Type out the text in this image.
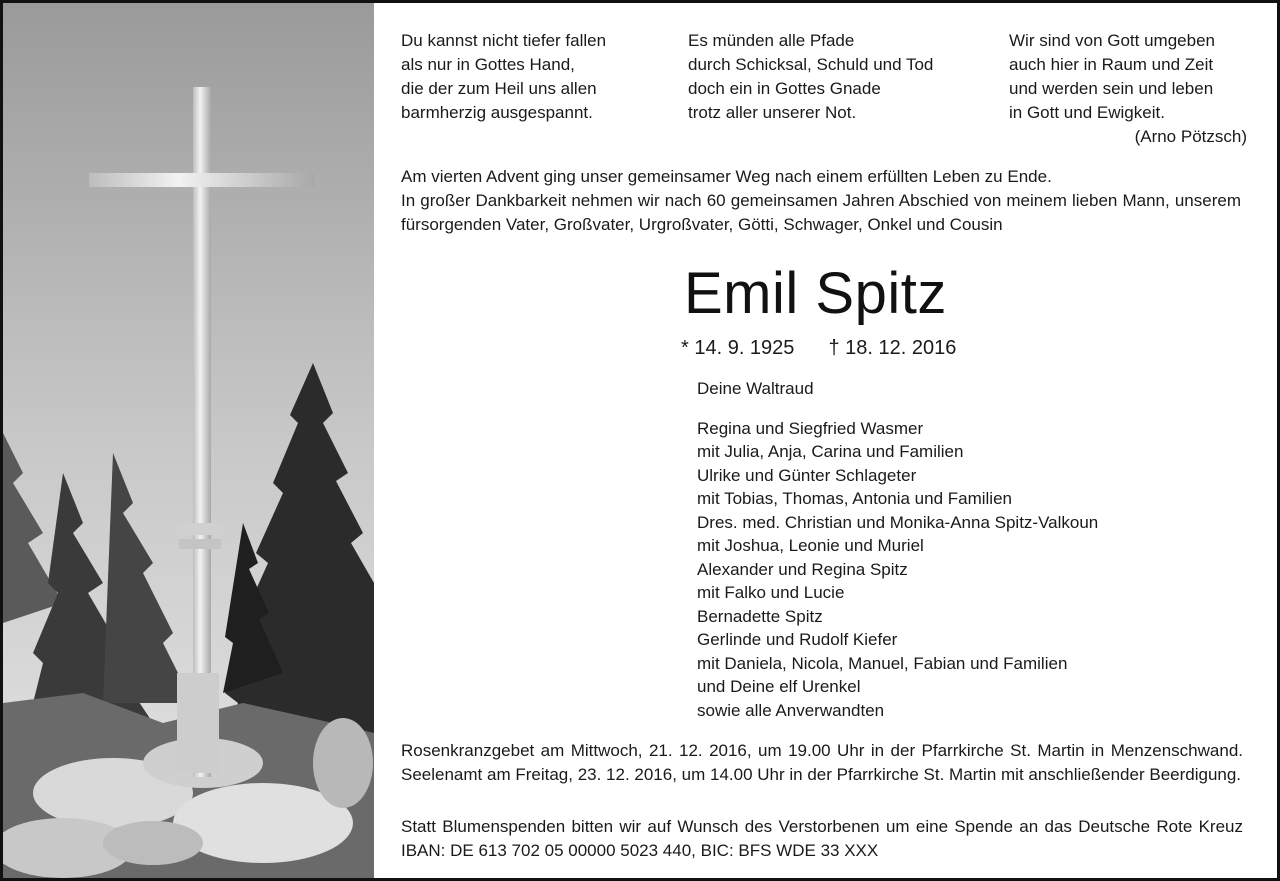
Du kannst nicht tiefer fallen
als nur in Gottes Hand,
die der zum Heil uns allen
barmherzig ausgespannt.
Es münden alle Pfade
durch Schicksal, Schuld und Tod
doch ein in Gottes Gnade
trotz aller unserer Not.
Wir sind von Gott umgeben
auch hier in Raum und Zeit
und werden sein und leben
in Gott und Ewigkeit.
(Arno Pötzsch)
Am vierten Advent ging unser gemeinsamer Weg nach einem erfüllten Leben zu Ende.
In großer Dankbarkeit nehmen wir nach 60 gemeinsamen Jahren Abschied von meinem lieben Mann, unserem fürsorgenden Vater, Großvater, Urgroßvater, Götti, Schwager, Onkel und Cousin
Emil Spitz
* 14. 9. 1925 † 18. 12. 2016
Deine Waltraud
Regina und Siegfried Wasmer
mit Julia, Anja, Carina und Familien
Ulrike und Günter Schlageter
mit Tobias, Thomas, Antonia und Familien
Dres. med. Christian und Monika-Anna Spitz-Valkoun
mit Joshua, Leonie und Muriel
Alexander und Regina Spitz
mit Falko und Lucie
Bernadette Spitz
Gerlinde und Rudolf Kiefer
mit Daniela, Nicola, Manuel, Fabian und Familien
und Deine elf Urenkel
sowie alle Anverwandten

Rosenkranzgebet am Mittwoch, 21. 12. 2016, um 19.00 Uhr in der Pfarrkirche St. Martin in Menzenschwand. Seelenamt am Freitag, 23. 12. 2016, um 14.00 Uhr in der Pfarrkirche St. Martin mit anschließender Beerdigung.

Statt Blumenspenden bitten wir auf Wunsch des Verstorbenen um eine Spende an das Deutsche Rote Kreuz IBAN: DE 613 702 05 00000 5023 440, BIC: BFS WDE 33 XXX
